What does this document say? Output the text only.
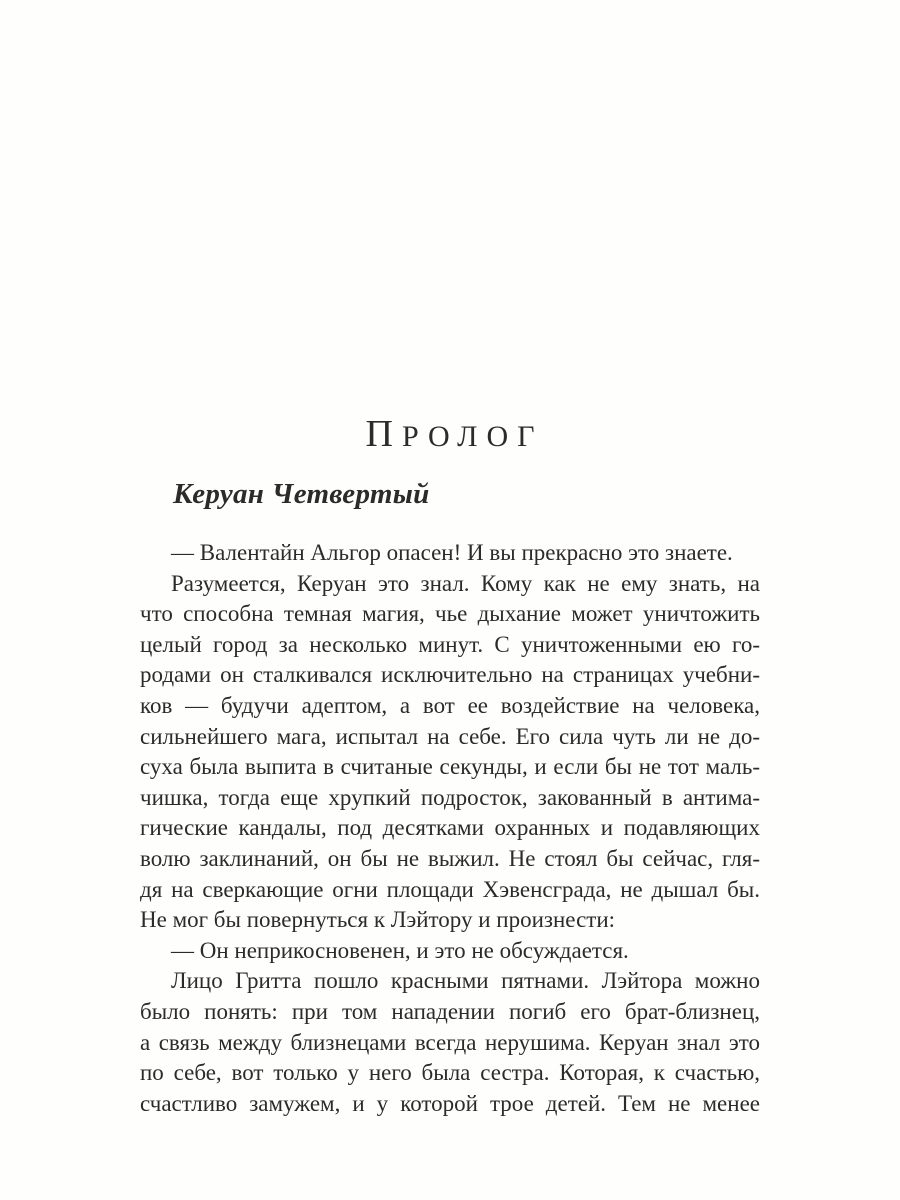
ПРОЛОГ
Керуан Четвертый
— Валентайн Альгор опасен! И вы прекрасно это знаете.
Разумеется, Керуан это знал. Кому как не ему знать, на
что способна темная магия, чье дыхание может уничтожить
целый город за несколько минут. С уничтоженными ею го-
родами он сталкивался исключительно на страницах учебни-
ков — будучи адептом, а вот ее воздействие на человека,
сильнейшего мага, испытал на себе. Его сила чуть ли не до-
суха была выпита в считаные секунды, и если бы не тот маль-
чишка, тогда еще хрупкий подросток, закованный в антима-
гические кандалы, под десятками охранных и подавляющих
волю заклинаний, он бы не выжил. Не стоял бы сейчас, гля-
дя на сверкающие огни площади Хэвенсграда, не дышал бы.
Не мог бы повернуться к Лэйтору и произнести:
— Он неприкосновенен, и это не обсуждается.
Лицо Гритта пошло красными пятнами. Лэйтора можно
было понять: при том нападении погиб его брат-близнец,
а связь между близнецами всегда нерушима. Керуан знал это
по себе, вот только у него была сестра. Которая, к счастью,
счастливо замужем, и у которой трое детей. Тем не менее
